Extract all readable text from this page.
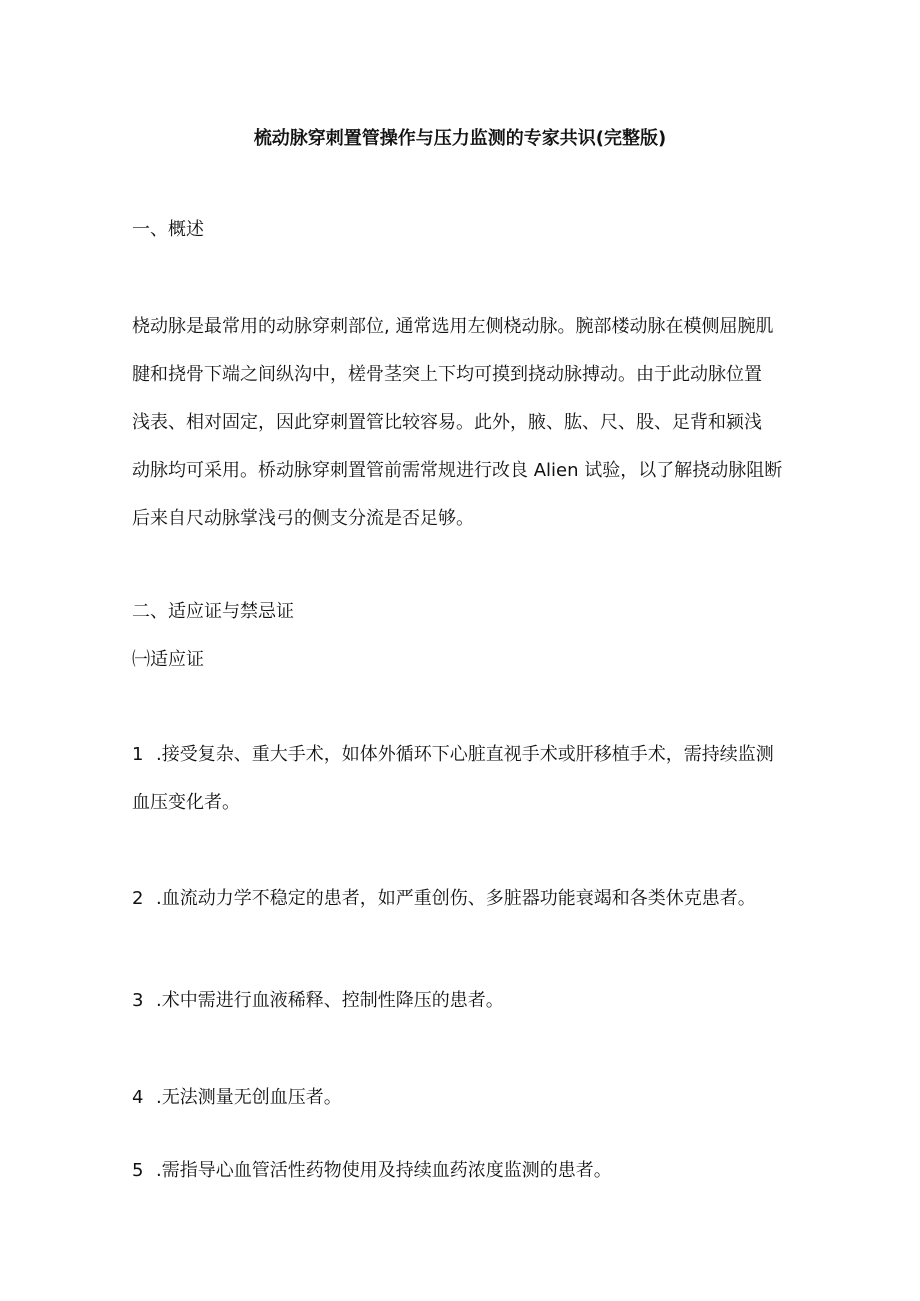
梳动脉穿刺置管操作与压力监测的专家共识(完整版)
一、概述
桡动脉是最常用的动脉穿刺部位, 通常选用左侧桡动脉。腕部楼动脉在模侧屈腕肌
腱和挠骨下端之间纵沟中，槎骨茎突上下均可摸到挠动脉搏动。由于此动脉位置
浅表、相对固定，因此穿刺置管比较容易。此外，腋、肱、尺、股、足背和颍浅
动脉均可采用。桥动脉穿刺置管前需常规进行改良 Alien 试验，以了解挠动脉阻断
后来自尺动脉掌浅弓的侧支分流是否足够。
二、适应证与禁忌证
㈠适应证
1 .接受复杂、重大手术，如体外循环下心脏直视手术或肝移植手术，需持续监测
血压变化者。
2 .血流动力学不稳定的患者，如严重创伤、多脏器功能衰竭和各类休克患者。
3 .术中需进行血液稀释、控制性降压的患者。
4 .无法测量无创血压者。
5 .需指导心血管活性药物使用及持续血药浓度监测的患者。
